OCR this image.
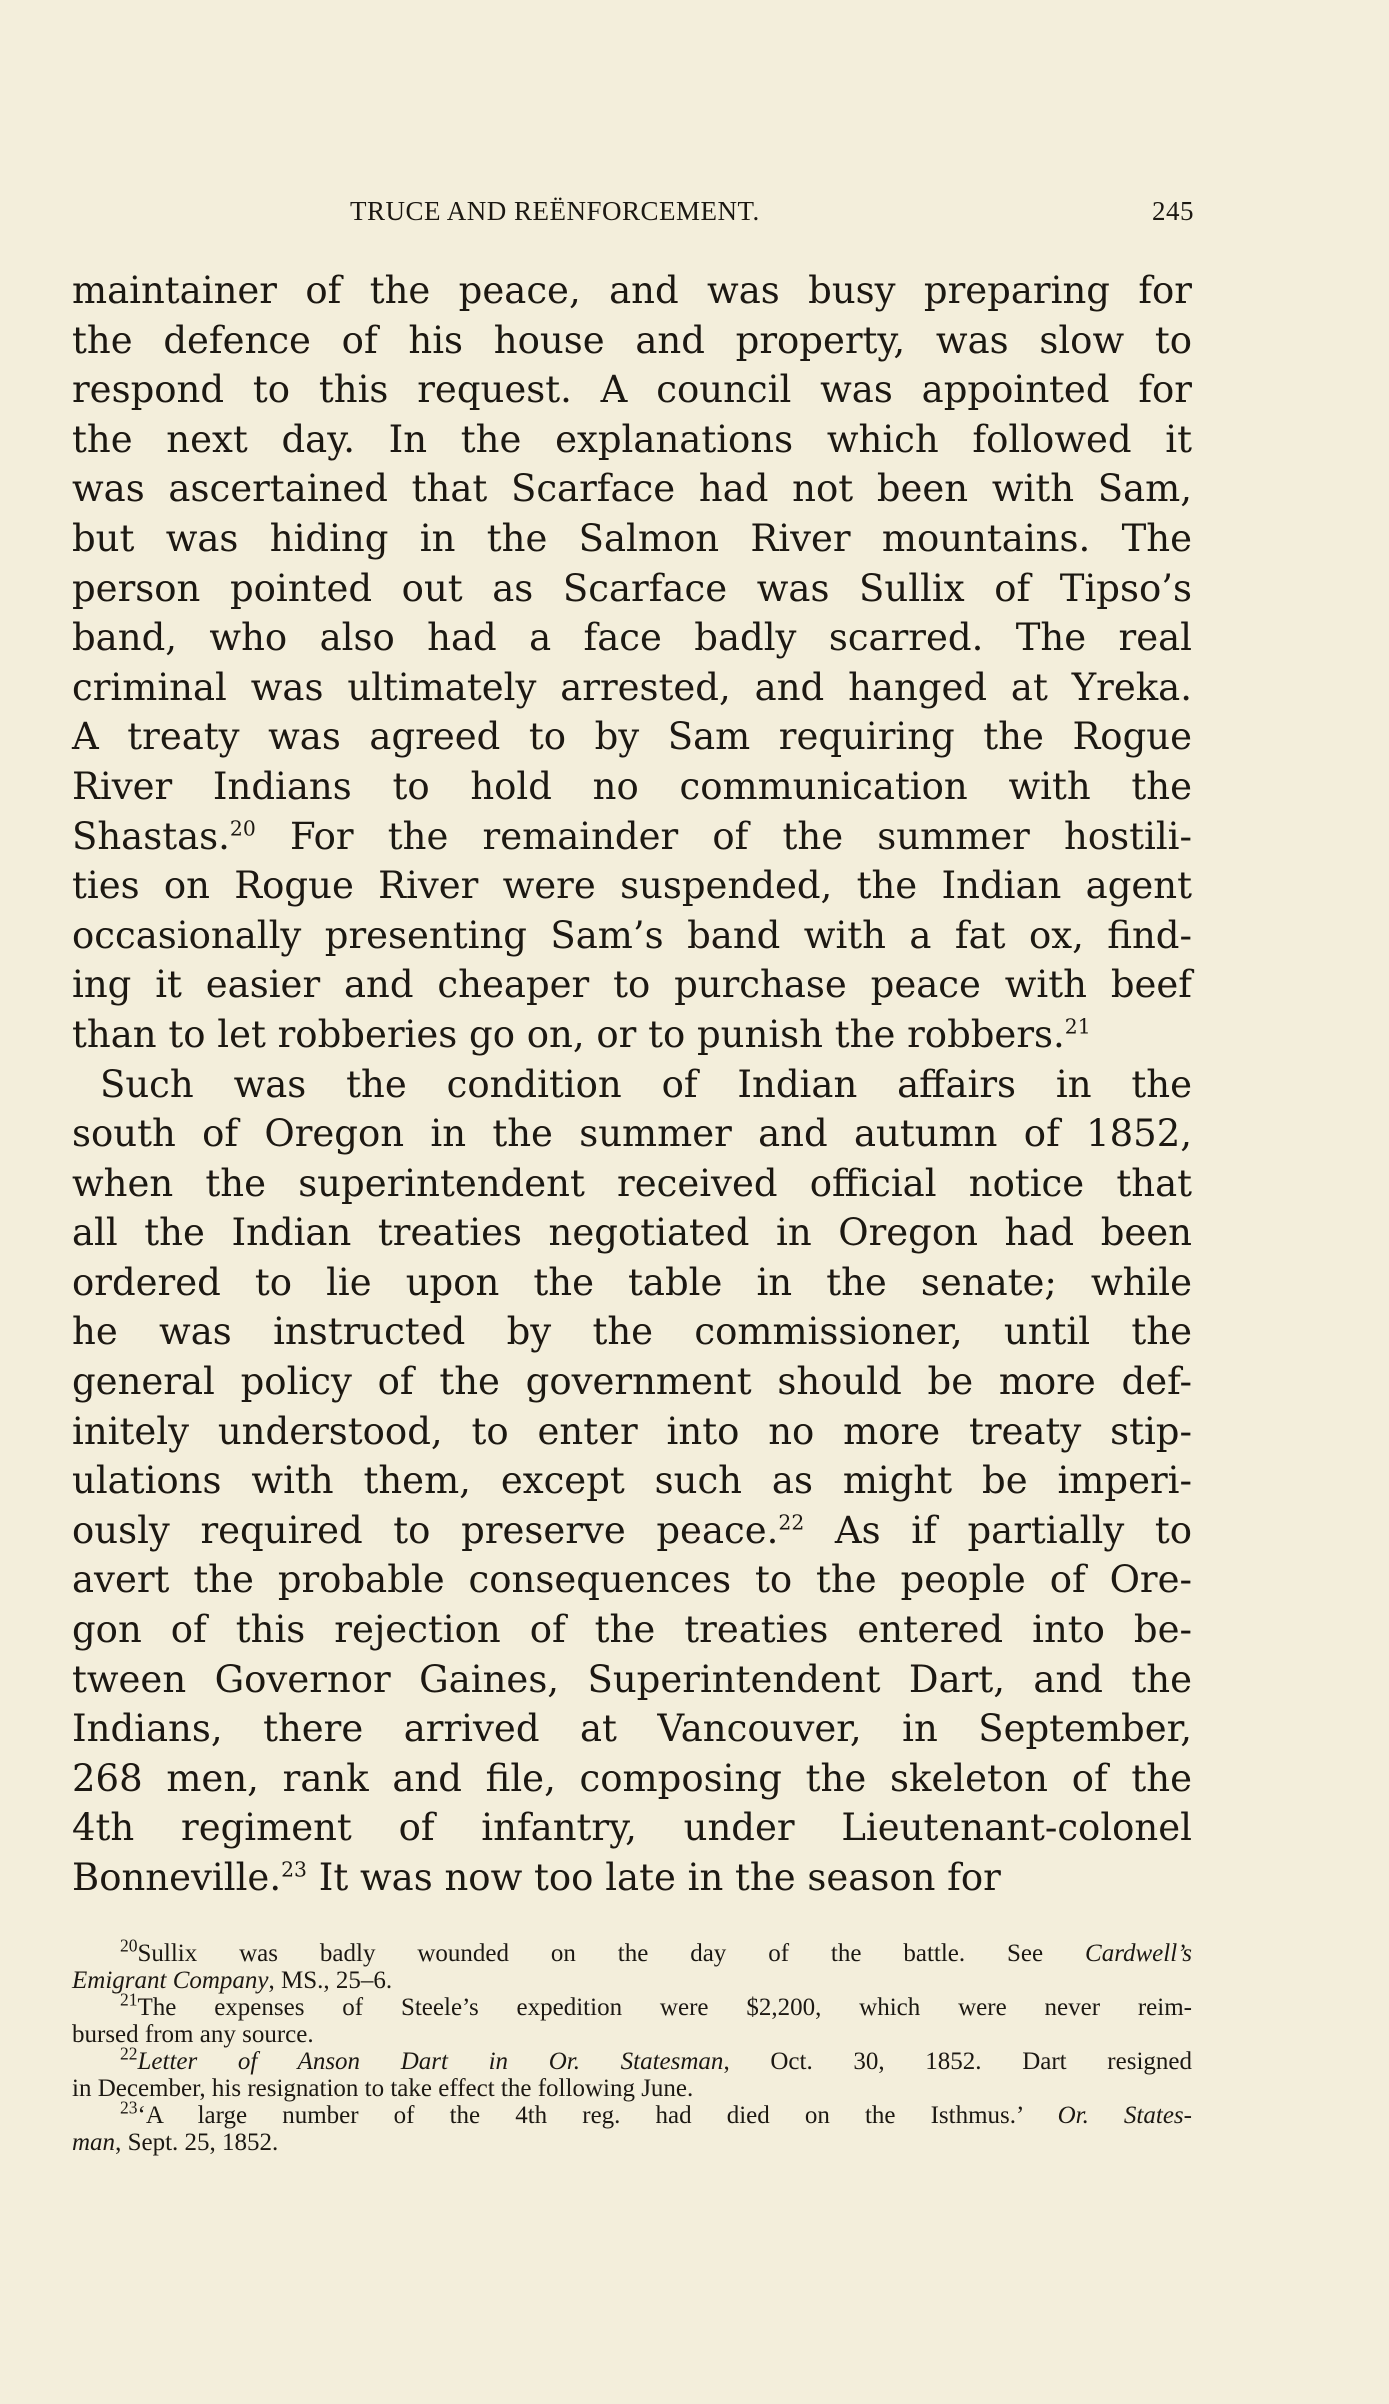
TRUCE AND REËNFORCEMENT.	245
maintainer of the peace, and was busy preparing for
the defence of his house and property, was slow to
respond to this request. A council was appointed for
the next day. In the explanations which followed it
was ascertained that Scarface had not been with Sam,
but was hiding in the Salmon River mountains. The
person pointed out as Scarface was Sullix of Tipso’s
band, who also had a face badly scarred. The real
criminal was ultimately arrested, and hanged at Yreka.
A treaty was agreed to by Sam requiring the Rogue
River Indians to hold no communication with the
Shastas.$^{20}$ For the remainder of the summer hostili-
ties on Rogue River were suspended, the Indian agent
occasionally presenting Sam’s band with a fat ox, find-
ing it easier and cheaper to purchase peace with beef
than to let robberies go on, or to punish the robbers.$^{21}$
Such was the condition of Indian affairs in the
south of Oregon in the summer and autumn of 1852,
when the superintendent received official notice that
all the Indian treaties negotiated in Oregon had been
ordered to lie upon the table in the senate; while
he was instructed by the commissioner, until the
general policy of the government should be more def-
initely understood, to enter into no more treaty stip-
ulations with them, except such as might be imperi-
ously required to preserve peace.$^{22}$ As if partially to
avert the probable consequences to the people of Ore-
gon of this rejection of the treaties entered into be-
tween Governor Gaines, Superintendent Dart, and the
Indians, there arrived at Vancouver, in September,
268 men, rank and file, composing the skeleton of the
4th regiment of infantry, under Lieutenant-colonel
Bonneville.$^{23}$ It was now too late in the season for
$^{20}$Sullix was badly wounded on the day of the battle. See Cardwell’s
Emigrant Company, MS., 25–6.
$^{21}$The expenses of Steele’s expedition were $2,200, which were never reim-
bursed from any source.
$^{22}$Letter of Anson Dart in Or. Statesman, Oct. 30, 1852. Dart resigned
in December, his resignation to take effect the following June.
$^{23}$‘A large number of the 4th reg. had died on the Isthmus.’ Or. States-
man, Sept. 25, 1852.
